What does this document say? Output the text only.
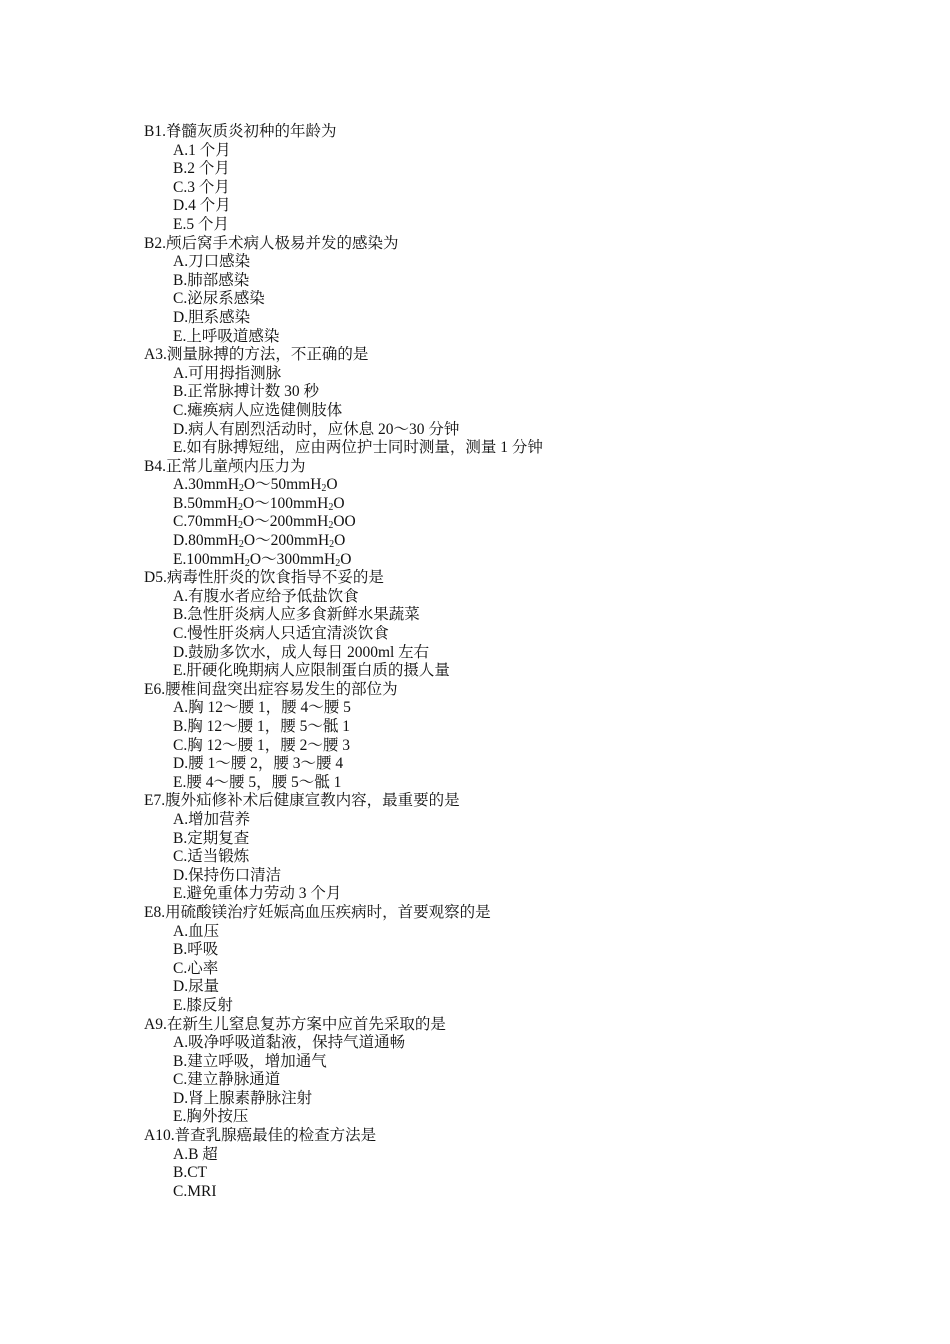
B1.脊髓灰质炎初种的年龄为
A.1 个月
B.2 个月
C.3 个月
D.4 个月
E.5 个月
B2.颅后窝手术病人极易并发的感染为
A.刀口感染
B.肺部感染
C.泌尿系感染
D.胆系感染
E.上呼吸道感染
A3.测量脉搏的方法，不正确的是
A.可用拇指测脉
B.正常脉搏计数 30 秒
C.瘫痪病人应选健侧肢体
D.病人有剧烈活动时，应休息 20～30 分钟
E.如有脉搏短绌，应由两位护士同时测量，测量 1 分钟
B4.正常儿童颅内压力为
A.30mmH$_2$O～50mmH$_2$O
B.50mmH$_2$O～100mmH$_2$O
C.70mmH$_2$O～200mmH$_2$OO
D.80mmH$_2$O～200mmH$_2$O
E.100mmH$_2$O～300mmH$_2$O
D5.病毒性肝炎的饮食指导不妥的是
A.有腹水者应给予低盐饮食
B.急性肝炎病人应多食新鲜水果蔬菜
C.慢性肝炎病人只适宜清淡饮食
D.鼓励多饮水，成人每日 2000ml 左右
E.肝硬化晚期病人应限制蛋白质的摄人量
E6.腰椎间盘突出症容易发生的部位为
A.胸 12～腰 1，腰 4～腰 5
B.胸 12～腰 1，腰 5～骶 1
C.胸 12～腰 1，腰 2～腰 3
D.腰 1～腰 2，腰 3～腰 4
E.腰 4～腰 5，腰 5～骶 1
E7.腹外疝修补术后健康宣教内容，最重要的是
A.增加营养
B.定期复查
C.适当锻炼
D.保持伤口清洁
E.避免重体力劳动 3 个月
E8.用硫酸镁治疗妊娠高血压疾病时，首要观察的是
A.血压
B.呼吸
C.心率
D.尿量
E.膝反射
A9.在新生儿窒息复苏方案中应首先采取的是
A.吸净呼吸道黏液，保持气道通畅
B.建立呼吸，增加通气
C.建立静脉通道
D.肾上腺素静脉注射
E.胸外按压
A10.普查乳腺癌最佳的检查方法是
A.B 超
B.CT
C.MRI
